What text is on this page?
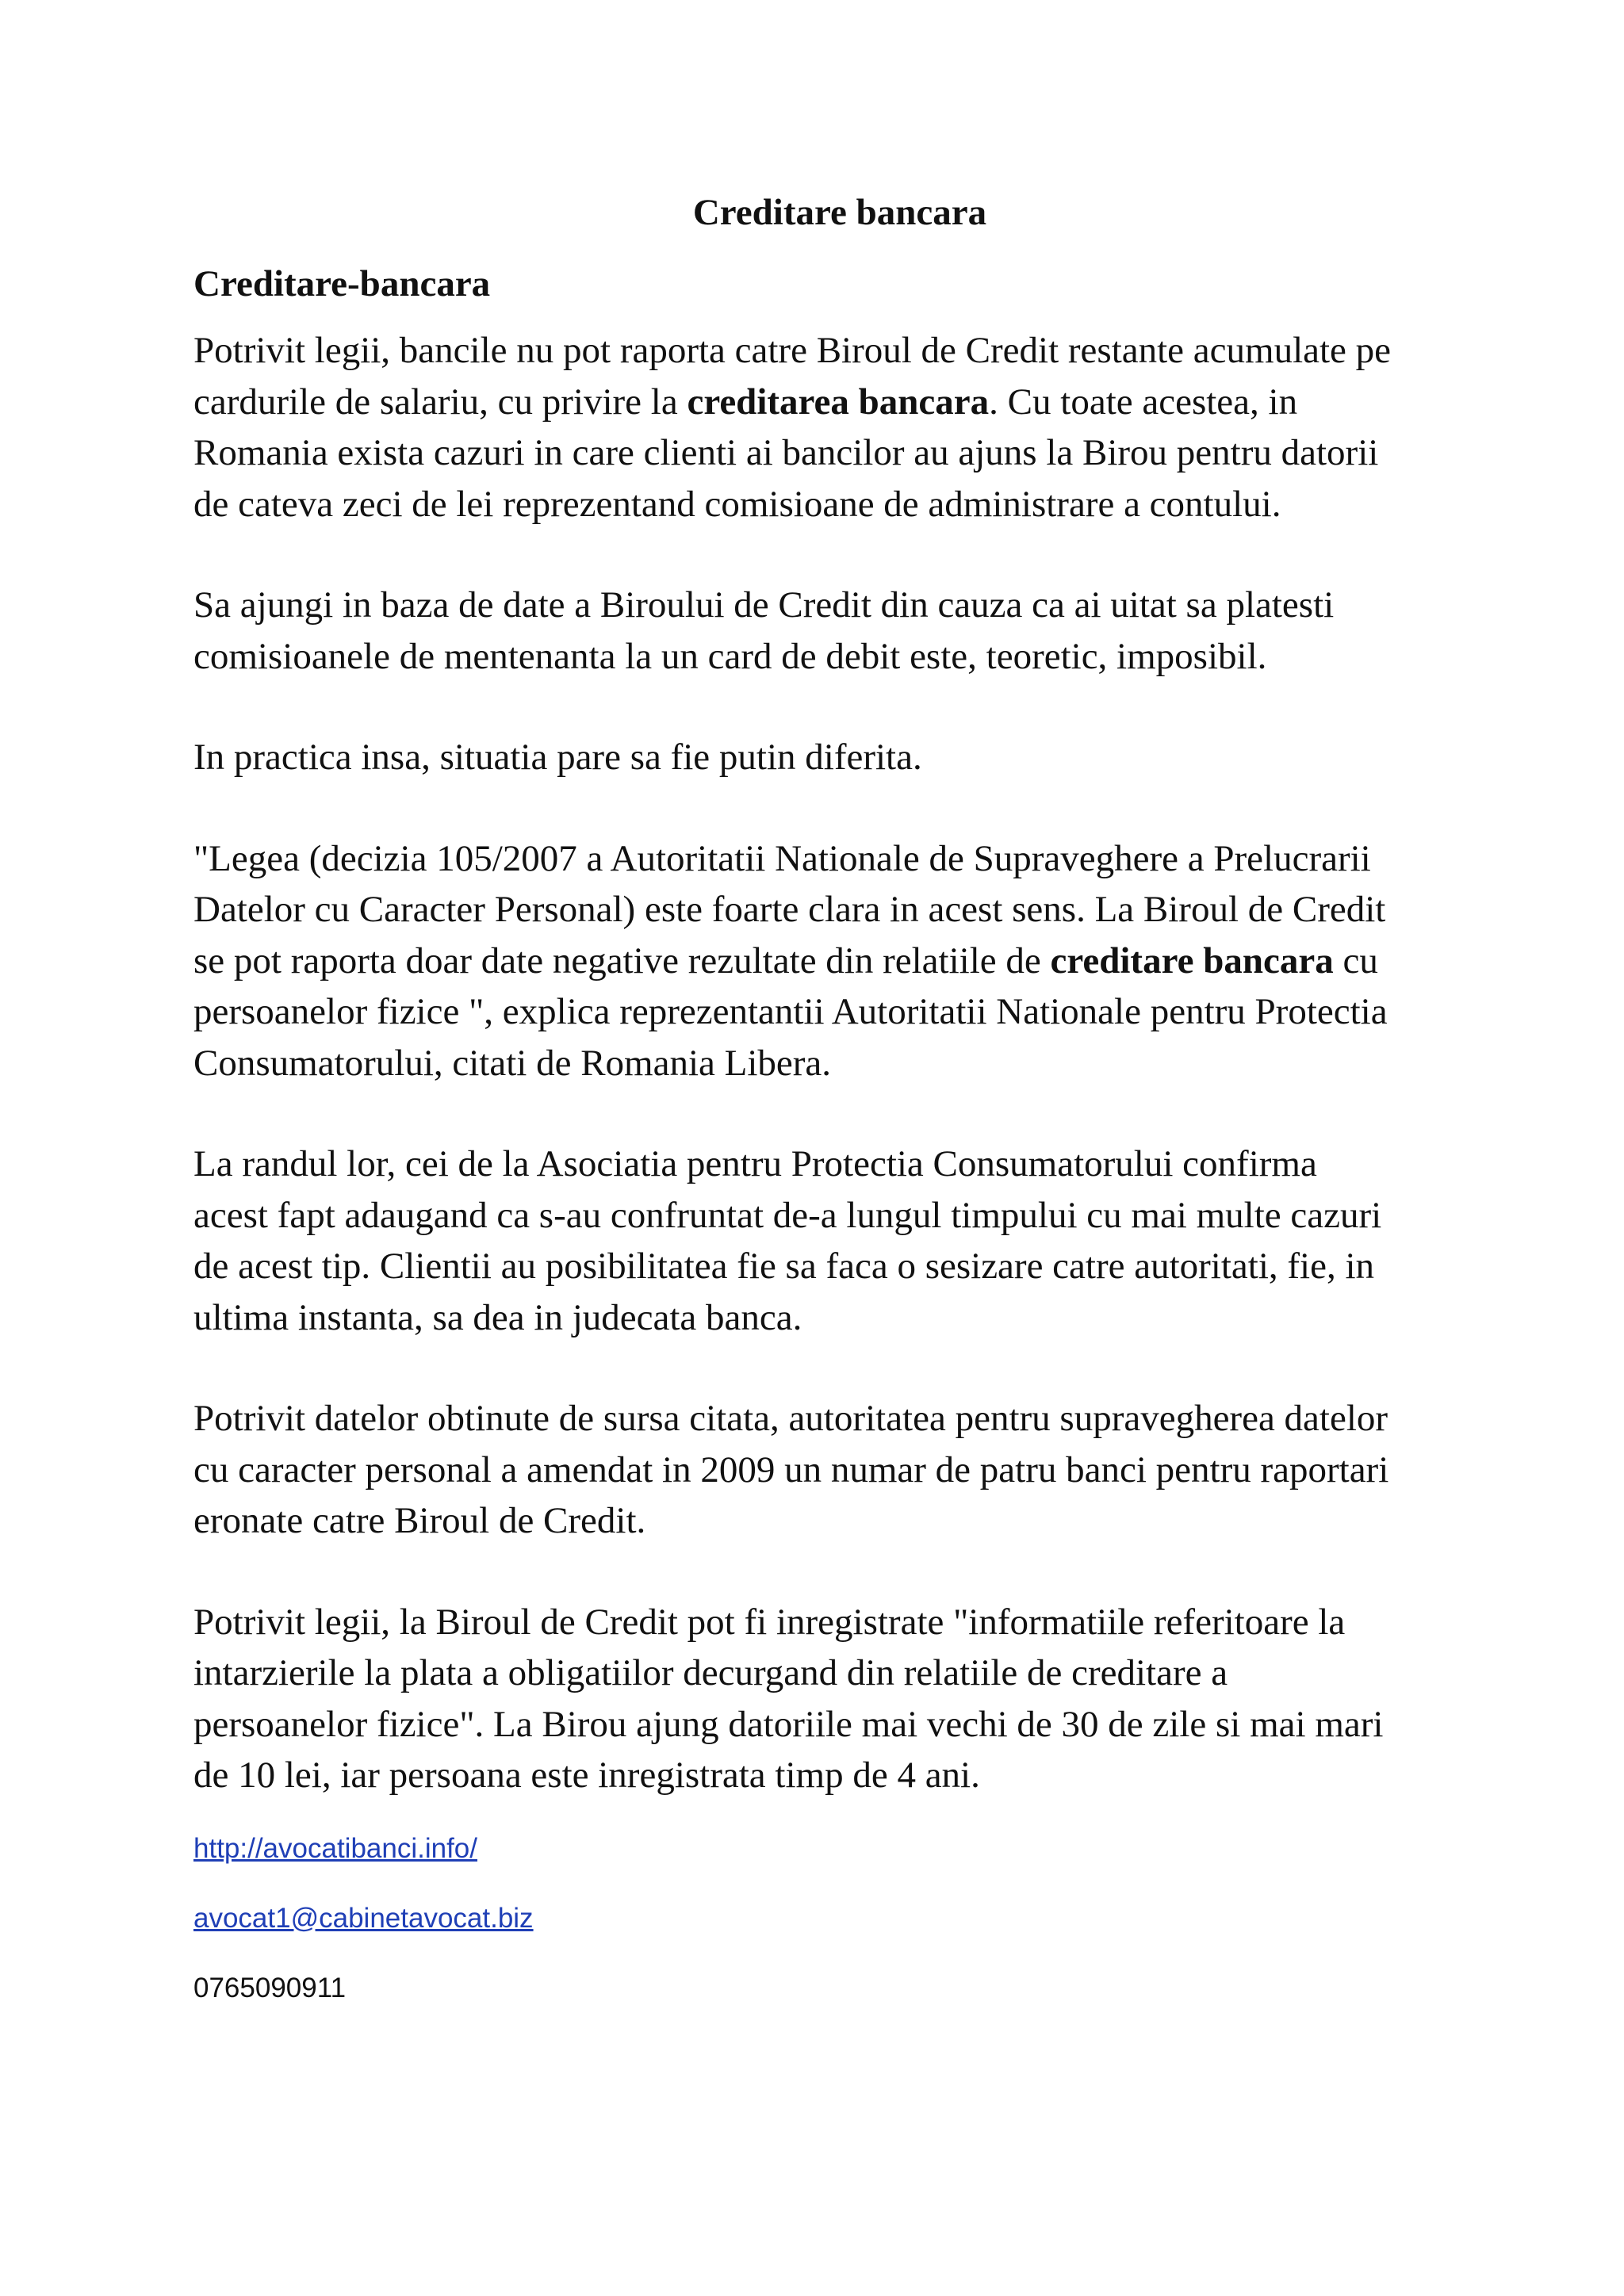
Creditare bancara
Creditare-bancara
Potrivit legii, bancile nu pot raporta catre Biroul de Credit restante acumulate pe
cardurile de salariu, cu privire la creditarea bancara. Cu toate acestea, in
Romania exista cazuri in care clienti ai bancilor au ajuns la Birou pentru datorii
de cateva zeci de lei reprezentand comisioane de administrare a contului.
Sa ajungi in baza de date a Biroului de Credit din cauza ca ai uitat sa platesti
comisioanele de mentenanta la un card de debit este, teoretic, imposibil.
In practica insa, situatia pare sa fie putin diferita.
"Legea (decizia 105/2007 a Autoritatii Nationale de Supraveghere a Prelucrarii
Datelor cu Caracter Personal) este foarte clara in acest sens. La Biroul de Credit
se pot raporta doar date negative rezultate din relatiile de creditare bancara cu
persoanelor fizice ", explica reprezentantii Autoritatii Nationale pentru Protectia
Consumatorului, citati de Romania Libera.
La randul lor, cei de la Asociatia pentru Protectia Consumatorului confirma
acest fapt adaugand ca s-au confruntat de-a lungul timpului cu mai multe cazuri
de acest tip. Clientii au posibilitatea fie sa faca o sesizare catre autoritati, fie, in
ultima instanta, sa dea in judecata banca.
Potrivit datelor obtinute de sursa citata, autoritatea pentru supravegherea datelor
cu caracter personal a amendat in 2009 un numar de patru banci pentru raportari
eronate catre Biroul de Credit.
Potrivit legii, la Biroul de Credit pot fi inregistrate "informatiile referitoare la
intarzierile la plata a obligatiilor decurgand din relatiile de creditare a
persoanelor fizice". La Birou ajung datoriile mai vechi de 30 de zile si mai mari
de 10 lei, iar persoana este inregistrata timp de 4 ani.
http://avocatibanci.info/
avocat1@cabinetavocat.biz
0765090911
